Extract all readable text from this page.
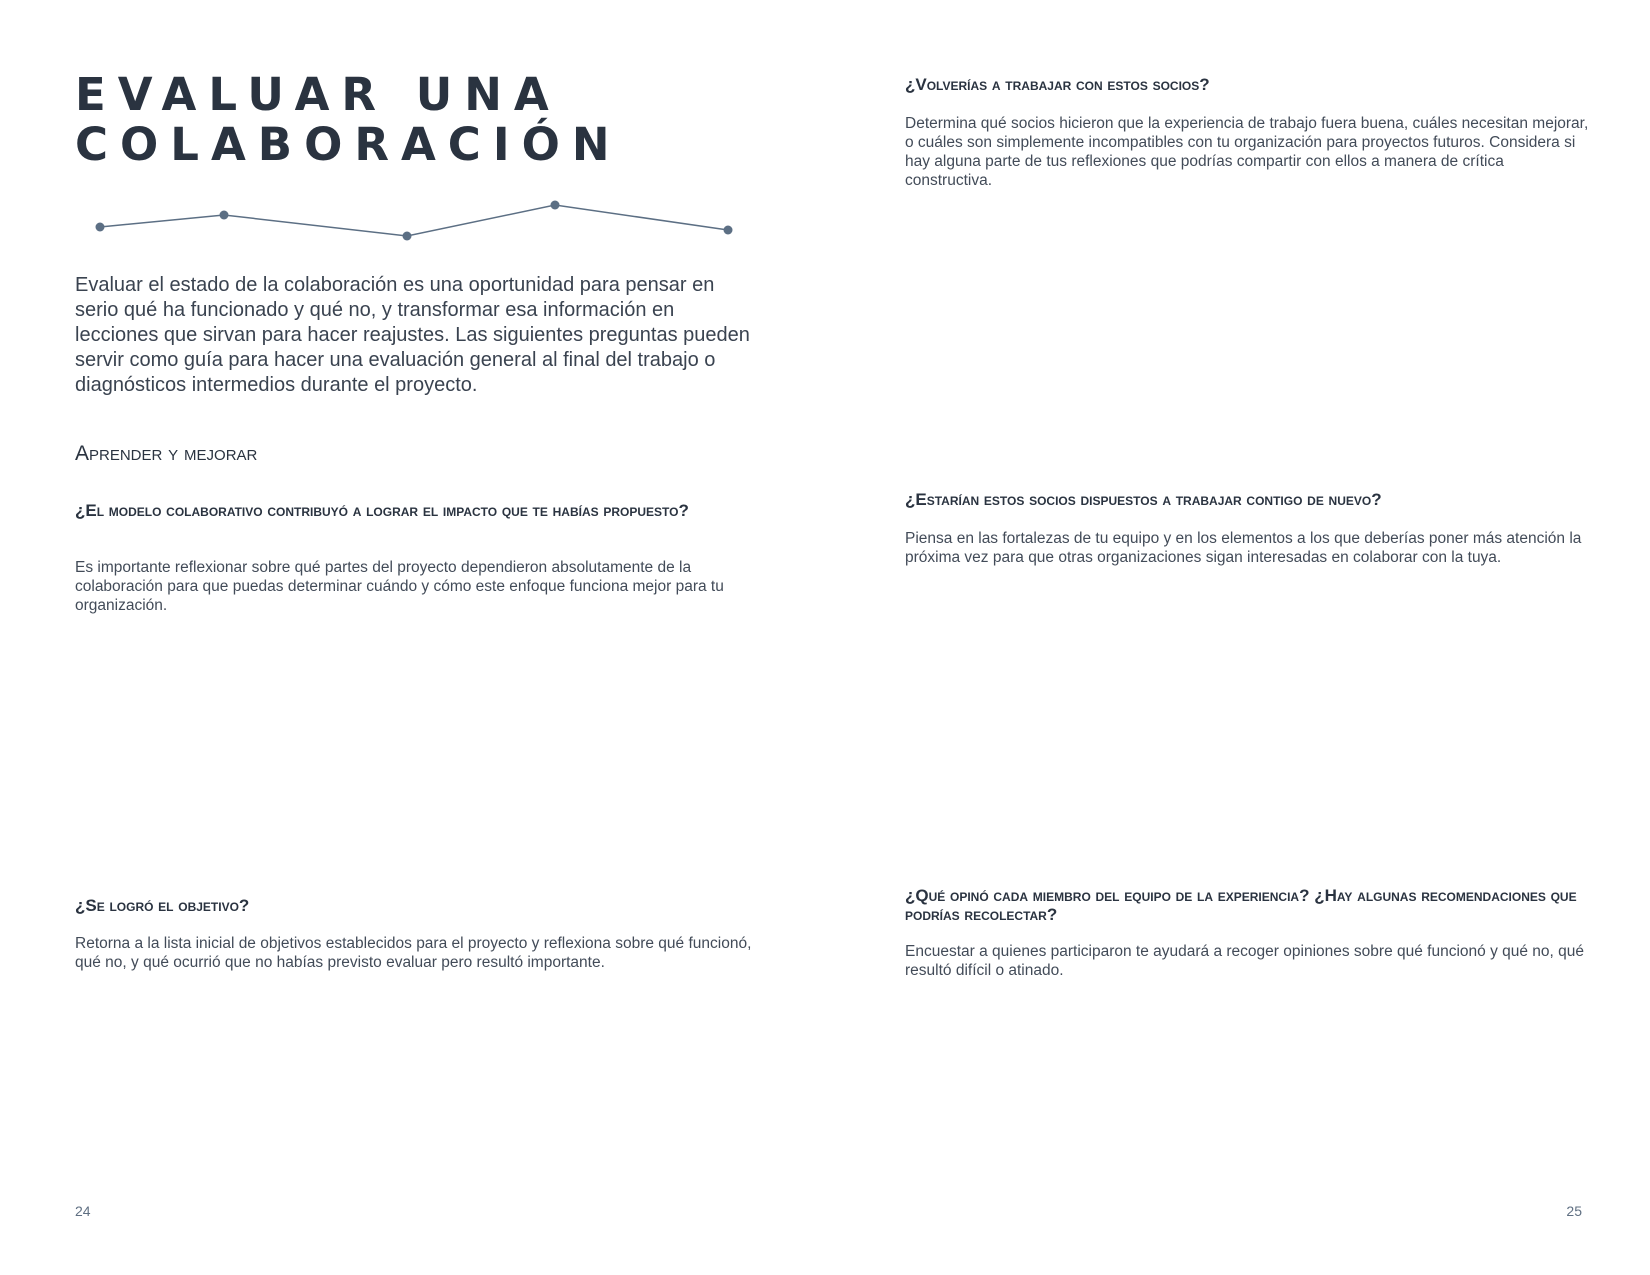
EVALUAR UNA
COLABORACIÓN

Evaluar el estado de la colaboración es una oportunidad para pensar en serio qué ha funcionado y qué no, y transformar esa información en lecciones que sirvan para hacer reajustes. Las siguientes preguntas pueden servir como guía para hacer una evaluación general al final del trabajo o diagnósticos intermedios durante el proyecto.

Aprender y mejorar
¿El modelo colaborativo contribuyó a lograr el impacto que te habías propuesto?

Es importante reflexionar sobre qué partes del proyecto dependieron absolutamente de la colaboración para que puedas determinar cuándo y cómo este enfoque funciona mejor para tu organización.

¿Se logró el objetivo?

Retorna a la lista inicial de objetivos establecidos para el proyecto y reflexiona sobre qué funcionó, qué no, y qué ocurrió que no habías previsto evaluar pero resultó importante.

¿Volverías a trabajar con estos socios?

Determina qué socios hicieron que la experiencia de trabajo fuera buena, cuáles necesitan mejorar, o cuáles son simplemente incompatibles con tu organización para proyectos futuros. Considera si hay alguna parte de tus reflexiones que podrías compartir con ellos a manera de crítica constructiva.

¿Estarían estos socios dispuestos a trabajar contigo de nuevo?

Piensa en las fortalezas de tu equipo y en los elementos a los que deberías poner más atención la próxima vez para que otras organizaciones sigan interesadas en colaborar con la tuya.

¿Qué opinó cada miembro del equipo de la experiencia? ¿Hay algunas recomendaciones que podrías recolectar?

Encuestar a quienes participaron te ayudará a recoger opiniones sobre qué funcionó y qué no, qué resultó difícil o atinado.

24	25
